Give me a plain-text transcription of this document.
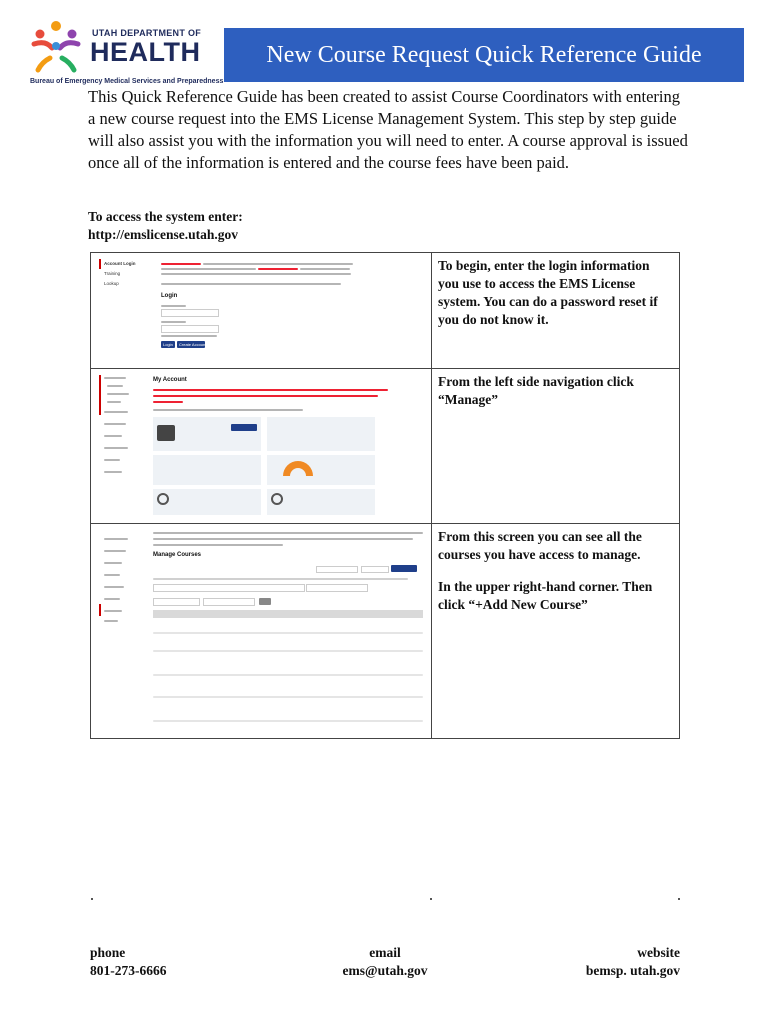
UTAH DEPARTMENT OF
HEALTH
Bureau of Emergency Medical Services and Preparedness
New Course Request Quick Reference Guide
This Quick Reference Guide has been created to assist Course Coordinators with entering a new course request into the EMS License Management System. This step by step guide will also assist you with the information you will need to enter. A course approval is issued once all of the information is entered and the course fees have been paid.
To access the system enter:
http://emslicense.utah.gov
Account Login
Training
Lookup
Login
Login Create Account

To begin, enter the login information you use to access the EMS License system. You can do a password reset if you do not know it.

My Account	From the left side navigation click “Manage”

Manage Courses

From this screen you can see all the courses you have access to manage.

In the upper right-hand corner. Then click “+Add New Course”

phone
801-273-6666
email
ems@utah.gov
website
bemsp. utah.gov
